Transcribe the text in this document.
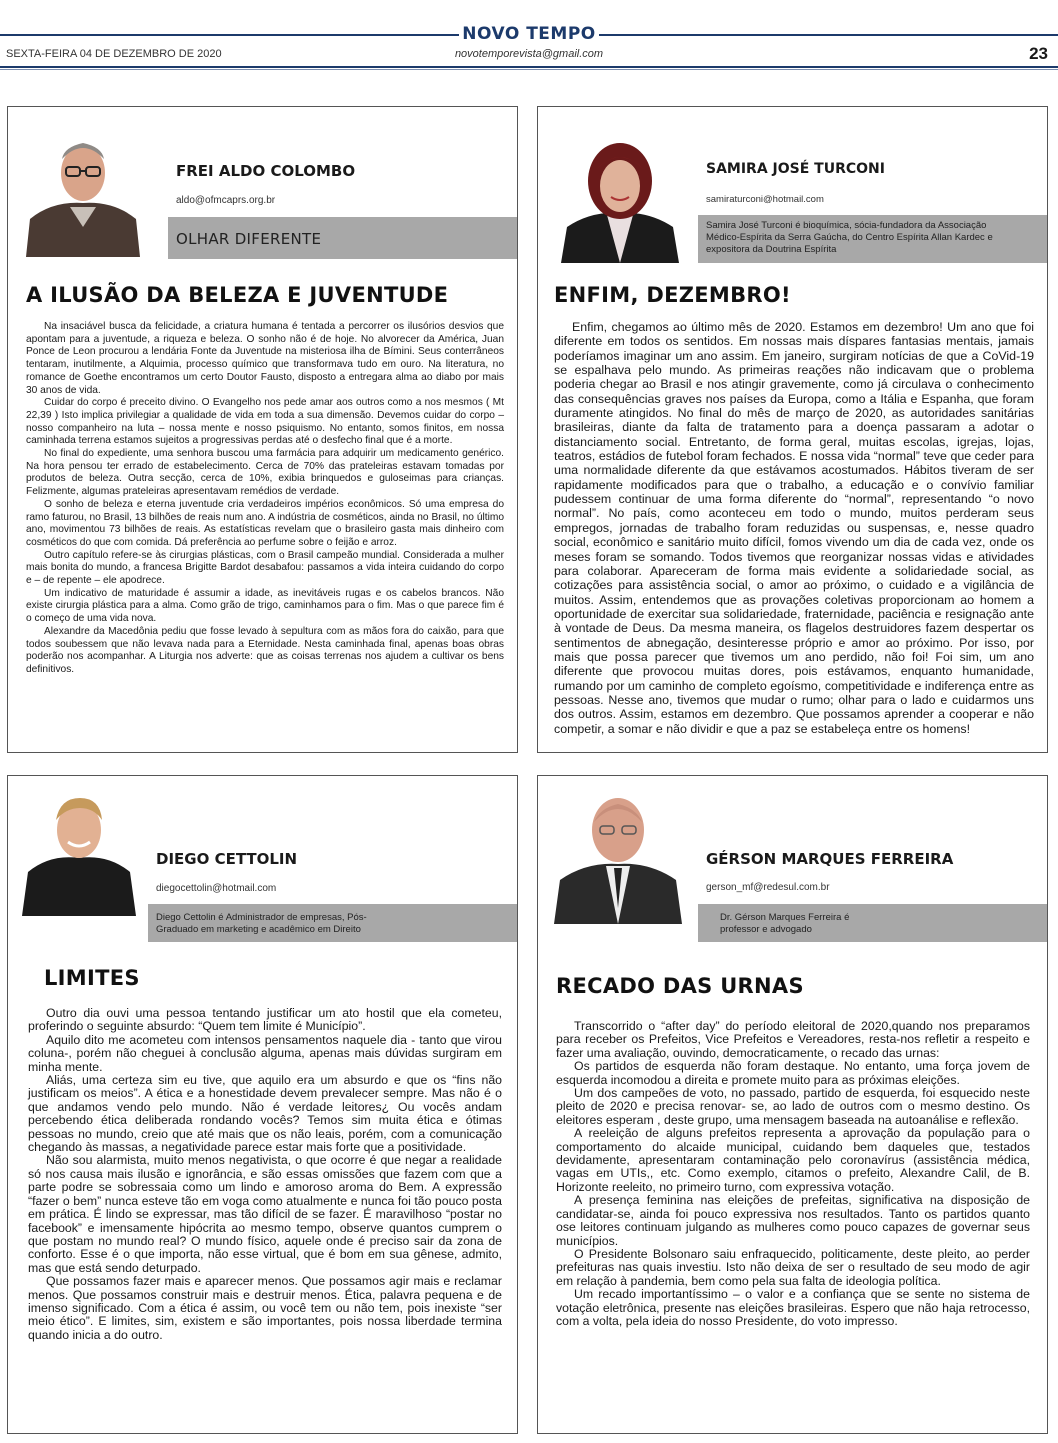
NOVO TEMPO
SEXTA-FEIRA 04 DE DEZEMBRO DE 2020	novotemporevista@gmail.com	23
FREI ALDO COLOMBO
aldo@ofmcaprs.org.br
OLHAR DIFERENTE
A ILUSÃO DA BELEZA E JUVENTUDE

Na insaciável busca da felicidade, a criatura humana é tentada a percorrer os ilusórios desvios que apontam para a juventude, a riqueza e beleza. O sonho não é de hoje. No alvorecer da América, Juan Ponce de Leon procurou a lendária Fonte da Juventude na misteriosa ilha de Bímini. Seus conterrâneos tentaram, inutilmente, a Alquimia, processo químico que transformava tudo em ouro. Na literatura, no romance de Goethe encontramos um certo Doutor Fausto, disposto a entregara alma ao diabo por mais 30 anos de vida.

Cuidar do corpo é preceito divino. O Evangelho nos pede amar aos outros como a nos mesmos ( Mt 22,39 ) Isto implica privilegiar a qualidade de vida em toda a sua dimensão. Devemos cuidar do corpo – nosso companheiro na luta – nossa mente e nosso psiquismo. No entanto, somos finitos, em nossa caminhada terrena estamos sujeitos a progressivas perdas até o desfecho final que é a morte.

No final do expediente, uma senhora buscou uma farmácia para adquirir um medicamento genérico. Na hora pensou ter errado de estabelecimento. Cerca de 70% das prateleiras estavam tomadas por produtos de beleza. Outra secção, cerca de 10%, exibia brinquedos e guloseimas para crianças. Felizmente, algumas prateleiras apresentavam remédios de verdade.

O sonho de beleza e eterna juventude cria verdadeiros impérios econômicos. Só uma empresa do ramo faturou, no Brasil, 13 bilhões de reais num ano. A indústria de cosméticos, ainda no Brasil, no último ano, movimentou 73 bilhões de reais. As estatísticas revelam que o brasileiro gasta mais dinheiro com cosméticos do que com comida. Dá preferência ao perfume sobre o feijão e arroz.

Outro capítulo refere-se às cirurgias plásticas, com o Brasil campeão mundial. Considerada a mulher mais bonita do mundo, a francesa Brigitte Bardot desabafou: passamos a vida inteira cuidando do corpo e – de repente – ele apodrece.

Um indicativo de maturidade é assumir a idade, as inevitáveis rugas e os cabelos brancos. Não existe cirurgia plástica para a alma. Como grão de trigo, caminhamos para o fim. Mas o que parece fim é o começo de uma vida nova.

Alexandre da Macedônia pediu que fosse levado à sepultura com as mãos fora do caixão, para que todos soubessem que não levava nada para a Eternidade. Nesta caminhada final, apenas boas obras poderão nos acompanhar. A Liturgia nos adverte: que as coisas terrenas nos ajudem a cultivar os bens definitivos.

SAMIRA JOSÉ TURCONI
samiraturconi@hotmail.com
Samira José Turconi é bioquímica, sócia-fundadora da Associação Médico-Espírita da Serra Gaúcha, do Centro Espírita Allan Kardec e expositora da Doutrina Espírita
ENFIM, DEZEMBRO!

Enfim, chegamos ao último mês de 2020. Estamos em dezembro! Um ano que foi diferente em todos os sentidos. Em nossas mais díspares fantasias mentais, jamais poderíamos imaginar um ano assim. Em janeiro, surgiram notícias de que a CoVid-19 se espalhava pelo mundo. As primeiras reações não indicavam que o problema poderia chegar ao Brasil e nos atingir gravemente, como já circulava o conhecimento das consequências graves nos países da Europa, como a Itália e Espanha, que foram duramente atingidos. No final do mês de março de 2020, as autoridades sanitárias brasileiras, diante da falta de tratamento para a doença passaram a adotar o distanciamento social. Entretanto, de forma geral, muitas escolas, igrejas, lojas, teatros, estádios de futebol foram fechados. E nossa vida “normal” teve que ceder para uma normalidade diferente da que estávamos acostumados. Hábitos tiveram de ser rapidamente modificados para que o trabalho, a educação e o convívio familiar pudessem continuar de uma forma diferente do “normal”, representando “o novo normal”. No país, como aconteceu em todo o mundo, muitos perderam seus empregos, jornadas de trabalho foram reduzidas ou suspensas, e, nesse quadro social, econômico e sanitário muito difícil, fomos vivendo um dia de cada vez, onde os meses foram se somando. Todos tivemos que reorganizar nossas vidas e atividades para colaborar. Apareceram de forma mais evidente a solidariedade social, as cotizações para assistência social, o amor ao próximo, o cuidado e a vigilância de muitos. Assim, entendemos que as provações coletivas proporcionam ao homem a oportunidade de exercitar sua solidariedade, fraternidade, paciência e resignação ante à vontade de Deus. Da mesma maneira, os flagelos destruidores fazem despertar os sentimentos de abnegação, desinteresse próprio e amor ao próximo. Por isso, por mais que possa parecer que tivemos um ano perdido, não foi! Foi sim, um ano diferente que provocou muitas dores, pois estávamos, enquanto humanidade, rumando por um caminho de completo egoísmo, competitividade e indiferença entre as pessoas. Nesse ano, tivemos que mudar o rumo; olhar para o lado e cuidarmos uns dos outros. Assim, estamos em dezembro. Que possamos aprender a cooperar e não competir, a somar e não dividir e que a paz se estabeleça entre os homens!

DIEGO CETTOLIN
diegocettolin@hotmail.com
Diego Cettolin é Administrador de empresas, Pós-Graduado em marketing e acadêmico em Direito
LIMITES

Outro dia ouvi uma pessoa tentando justificar um ato hostil que ela cometeu, proferindo o seguinte absurdo: “Quem tem limite é Município”.

Aquilo dito me acometeu com intensos pensamentos naquele dia - tanto que virou coluna-, porém não cheguei à conclusão alguma, apenas mais dúvidas surgiram em minha mente.

Aliás, uma certeza sim eu tive, que aquilo era um absurdo e que os “fins não justificam os meios”. A ética e a honestidade devem prevalecer sempre. Mas não é o que andamos vendo pelo mundo. Não é verdade leitores¿ Ou vocês andam percebendo ética deliberada rondando vocês? Temos sim muita ética e ótimas pessoas no mundo, creio que até mais que os não leais, porém, com a comunicação chegando às massas, a negatividade parece estar mais forte que a positividade.

Não sou alarmista, muito menos negativista, o que ocorre é que negar a realidade só nos causa mais ilusão e ignorância, e são essas omissões que fazem com que a parte podre se sobressaia como um lindo e amoroso aroma do Bem. A expressão “fazer o bem” nunca esteve tão em voga como atualmente e nunca foi tão pouco posta em prática. É lindo se expressar, mas tão difícil de se fazer. É maravilhoso “postar no facebook” e imensamente hipócrita ao mesmo tempo, observe quantos cumprem o que postam no mundo real? O mundo físico, aquele onde é preciso sair da zona de conforto. Esse é o que importa, não esse virtual, que é bom em sua gênese, admito, mas que está sendo deturpado.

Que possamos fazer mais e aparecer menos. Que possamos agir mais e reclamar menos. Que possamos construir mais e destruir menos. Ética, palavra pequena e de imenso significado. Com a ética é assim, ou você tem ou não tem, pois inexiste “ser meio ético”. E limites, sim, existem e são importantes, pois nossa liberdade termina quando inicia a do outro.

GÉRSON MARQUES FERREIRA
gerson_mf@redesul.com.br
Dr. Gérson Marques Ferreira é professor e advogado
RECADO DAS URNAS

Transcorrido o “after day” do período eleitoral de 2020,quando nos preparamos para receber os Prefeitos, Vice Prefeitos e Vereadores, resta-nos refletir a respeito e fazer uma avaliação, ouvindo, democraticamente, o recado das urnas:

Os partidos de esquerda não foram destaque. No entanto, uma força jovem de esquerda incomodou a direita e promete muito para as próximas eleições.

Um dos campeões de voto, no passado, partido de esquerda, foi esquecido neste pleito de 2020 e precisa renovar- se, ao lado de outros com o mesmo destino. Os eleitores esperam , deste grupo, uma mensagem baseada na autoanálise e reflexão.

A reeleição de alguns prefeitos representa a aprovação da população para o comportamento do alcaide municipal, cuidando bem daqueles que, testados devidamente, apresentaram contaminação pelo coronavírus (assistência médica, vagas em UTIs,, etc. Como exemplo, citamos o prefeito, Alexandre Calil, de B. Horizonte reeleito, no primeiro turno, com expressiva votação.

A presença feminina nas eleições de prefeitas, significativa na disposição de candidatar-se, ainda foi pouco expressiva nos resultados. Tanto os partidos quanto ose leitores continuam julgando as mulheres como pouco capazes de governar seus municípios.

O Presidente Bolsonaro saiu enfraquecido, politicamente, deste pleito, ao perder prefeituras nas quais investiu. Isto não deixa de ser o resultado de seu modo de agir em relação à pandemia, bem como pela sua falta de ideologia política.

Um recado importantíssimo – o valor e a confiança que se sente no sistema de votação eletrônica, presente nas eleições brasileiras. Espero que não haja retrocesso, com a volta, pela ideia do nosso Presidente, do voto impresso.
